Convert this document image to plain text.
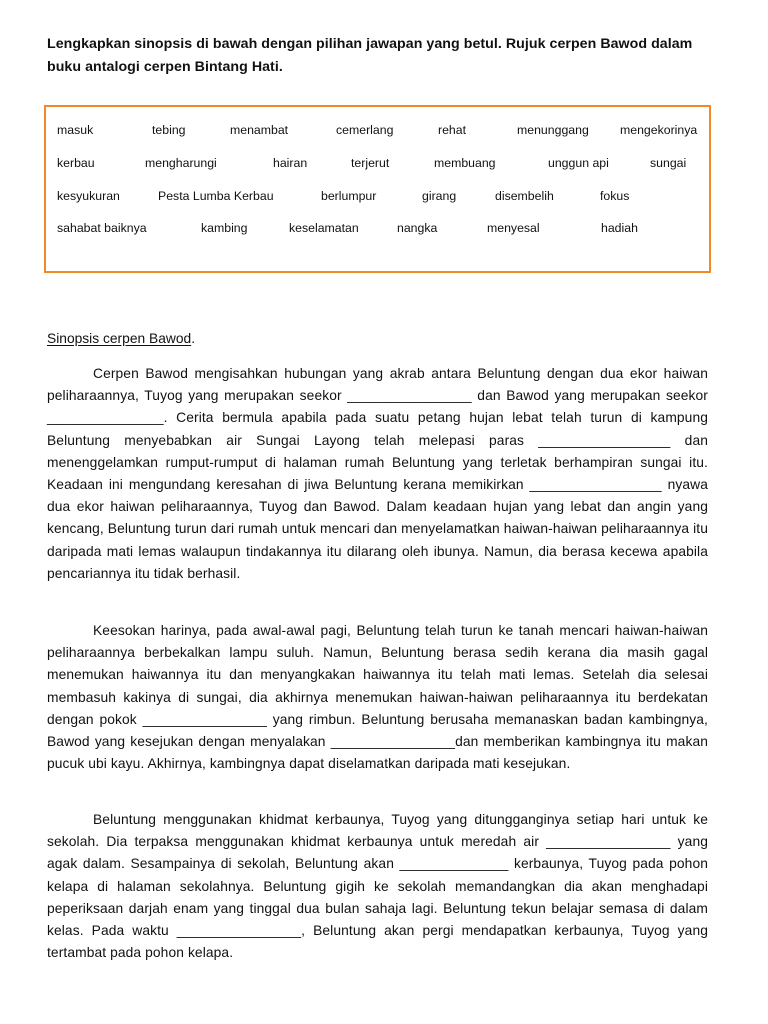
Lengkapkan sinopsis di bawah dengan pilihan jawapan yang betul. Rujuk cerpen Bawod dalam buku antalogi cerpen Bintang Hati.
masuk	tebing	menambat	cemerlang	rehat	menunggang	mengekorinya
kerbau	mengharungi	hairan	terjerut	membuang	unggun api	sungai
kesyukuran	Pesta Lumba Kerbau	berlumpur	girang	disembelih	fokus
sahabat baiknya	kambing	keselamatan	nangka	menyesal	hadiah
Sinopsis cerpen Bawod.

Cerpen Bawod mengisahkan hubungan yang akrab antara Beluntung dengan dua ekor haiwan peliharaannya, Tuyog yang merupakan seekor ________________ dan Bawod yang merupakan seekor _______________. Cerita bermula apabila pada suatu petang hujan lebat telah turun di kampung Beluntung menyebabkan air Sungai Layong telah melepasi paras _________________ dan menenggelamkan rumput-rumput di halaman rumah Beluntung yang terletak berhampiran sungai itu. Keadaan ini mengundang keresahan di jiwa Beluntung kerana memikirkan _________________ nyawa dua ekor haiwan peliharaannya, Tuyog dan Bawod. Dalam keadaan hujan yang lebat dan angin yang kencang, Beluntung turun dari rumah untuk mencari dan menyelamatkan haiwan-haiwan peliharaannya itu daripada mati lemas walaupun tindakannya itu dilarang oleh ibunya. Namun, dia berasa kecewa apabila pencariannya itu tidak berhasil.

Keesokan harinya, pada awal-awal pagi, Beluntung telah turun ke tanah mencari haiwan-haiwan peliharaannya berbekalkan lampu suluh. Namun, Beluntung berasa sedih kerana dia masih gagal menemukan haiwannya itu dan menyangkakan haiwannya itu telah mati lemas. Setelah dia selesai membasuh kakinya di sungai, dia akhirnya menemukan haiwan-haiwan peliharaannya itu berdekatan dengan pokok ________________ yang rimbun. Beluntung berusaha memanaskan badan kambingnya, Bawod yang kesejukan dengan menyalakan ________________dan memberikan kambingnya itu makan pucuk ubi kayu. Akhirnya, kambingnya dapat diselamatkan daripada mati kesejukan.

Beluntung menggunakan khidmat kerbaunya, Tuyog yang ditungganginya setiap hari untuk ke sekolah. Dia terpaksa menggunakan khidmat kerbaunya untuk meredah air ________________ yang agak dalam. Sesampainya di sekolah, Beluntung akan ______________ kerbaunya, Tuyog pada pohon kelapa di halaman sekolahnya. Beluntung gigih ke sekolah memandangkan dia akan menghadapi peperiksaan darjah enam yang tinggal dua bulan sahaja lagi. Beluntung tekun belajar semasa di dalam kelas. Pada waktu ________________, Beluntung akan pergi mendapatkan kerbaunya, Tuyog yang tertambat pada pohon kelapa.
